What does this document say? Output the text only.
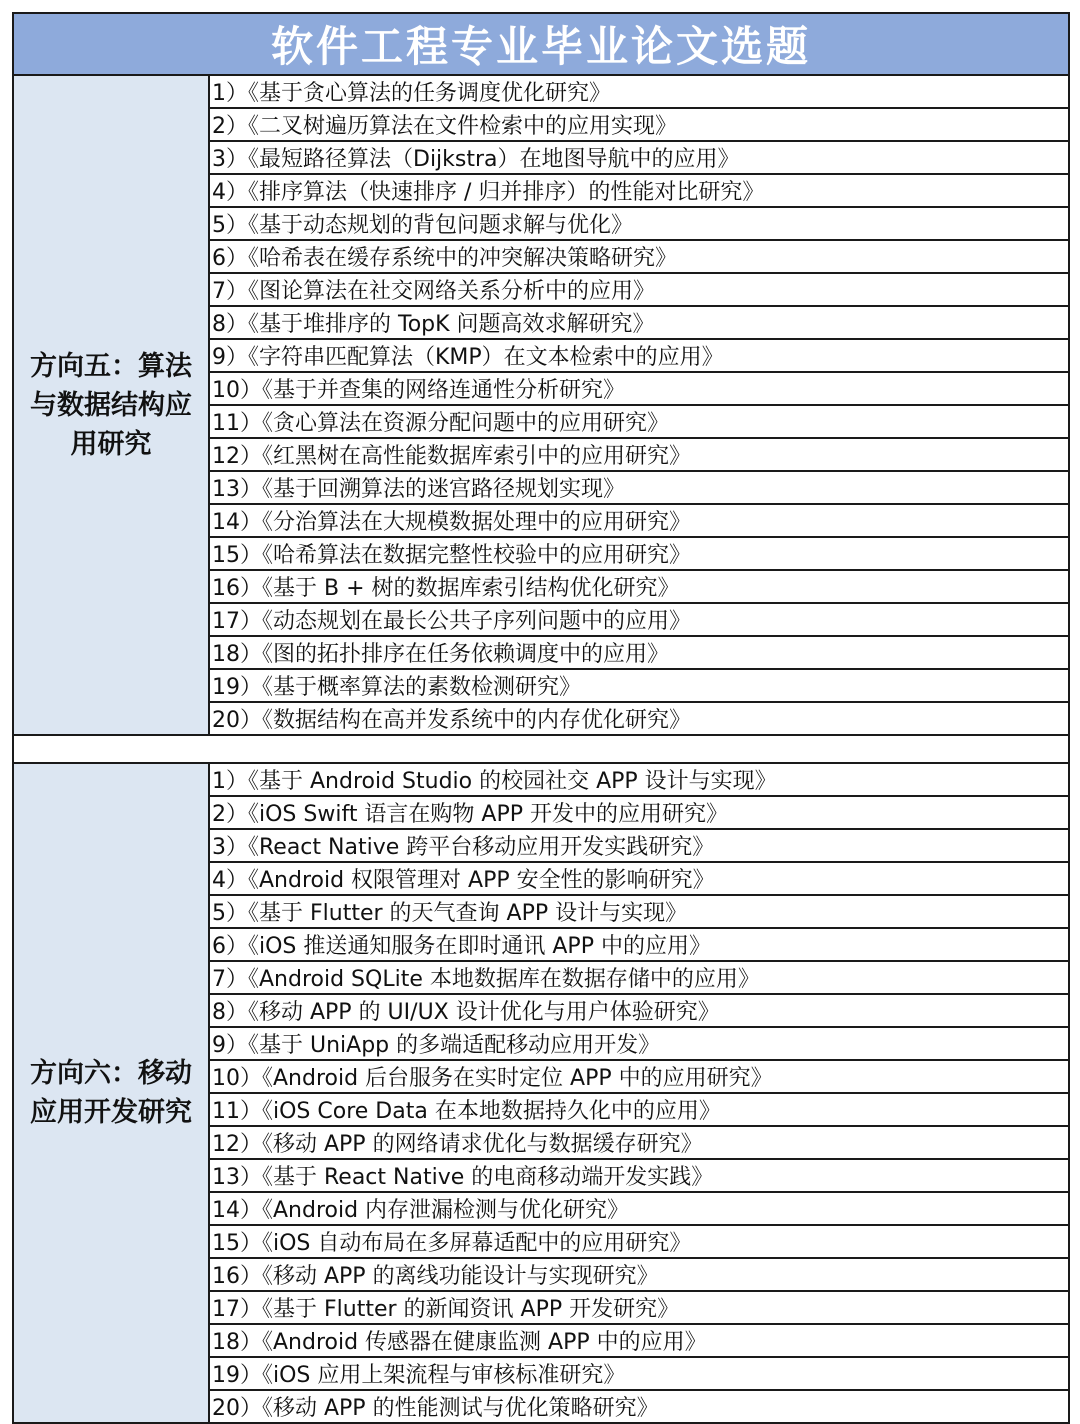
软件工程专业毕业论文选题	
方向五：算法与数据结构应用研究	1）《基于贪心算法的任务调度优化研究》
	2）《二叉树遍历算法在文件检索中的应用实现》
	3）《最短路径算法（Dijkstra）在地图导航中的应用》
	4）《排序算法（快速排序 / 归并排序）的性能对比研究》
	5）《基于动态规划的背包问题求解与优化》
	6）《哈希表在缓存系统中的冲突解决策略研究》
	7）《图论算法在社交网络关系分析中的应用》
	8）《基于堆排序的 TopK 问题高效求解研究》
	9）《字符串匹配算法（KMP）在文本检索中的应用》
	10）《基于并查集的网络连通性分析研究》
	11）《贪心算法在资源分配问题中的应用研究》
	12）《红黑树在高性能数据库索引中的应用研究》
	13）《基于回溯算法的迷宫路径规划实现》
	14）《分治算法在大规模数据处理中的应用研究》
	15）《哈希算法在数据完整性校验中的应用研究》
	16）《基于 B + 树的数据库索引结构优化研究》
	17）《动态规划在最长公共子序列问题中的应用》
	18）《图的拓扑排序在任务依赖调度中的应用》
	19）《基于概率算法的素数检测研究》
	20）《数据结构在高并发系统中的内存优化研究》

方向六：移动应用开发研究	1）《基于 Android Studio 的校园社交 APP 设计与实现》
	2）《iOS Swift 语言在购物 APP 开发中的应用研究》
	3）《React Native 跨平台移动应用开发实践研究》
	4）《Android 权限管理对 APP 安全性的影响研究》
	5）《基于 Flutter 的天气查询 APP 设计与实现》
	6）《iOS 推送通知服务在即时通讯 APP 中的应用》
	7）《Android SQLite 本地数据库在数据存储中的应用》
	8）《移动 APP 的 UI/UX 设计优化与用户体验研究》
	9）《基于 UniApp 的多端适配移动应用开发》
	10）《Android 后台服务在实时定位 APP 中的应用研究》
	11）《iOS Core Data 在本地数据持久化中的应用》
	12）《移动 APP 的网络请求优化与数据缓存研究》
	13）《基于 React Native 的电商移动端开发实践》
	14）《Android 内存泄漏检测与优化研究》
	15）《iOS 自动布局在多屏幕适配中的应用研究》
	16）《移动 APP 的离线功能设计与实现研究》
	17）《基于 Flutter 的新闻资讯 APP 开发研究》
	18）《Android 传感器在健康监测 APP 中的应用》
	19）《iOS 应用上架流程与审核标准研究》
	20）《移动 APP 的性能测试与优化策略研究》
